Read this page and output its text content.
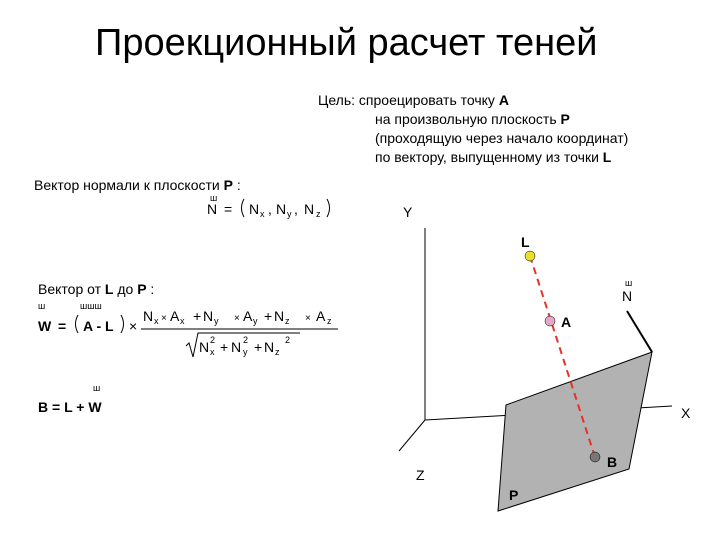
Проекционный расчет теней
Цель: спроецировать точку A
на произвольную плоскость P
(проходящую через начало координат)
по вектору, выпущенному из точки L
Вектор нормали к плоскости P :
N
ш
= N x , N y , N z
ш
W =
шшш
A - L ×
N x × A x + N y × A y + N z × A z
N x
2 + N y
2 + N z
2
ш
B = L + W
Y
X
Z
L
A
B
P
ш
N
Вектор от L до P :
